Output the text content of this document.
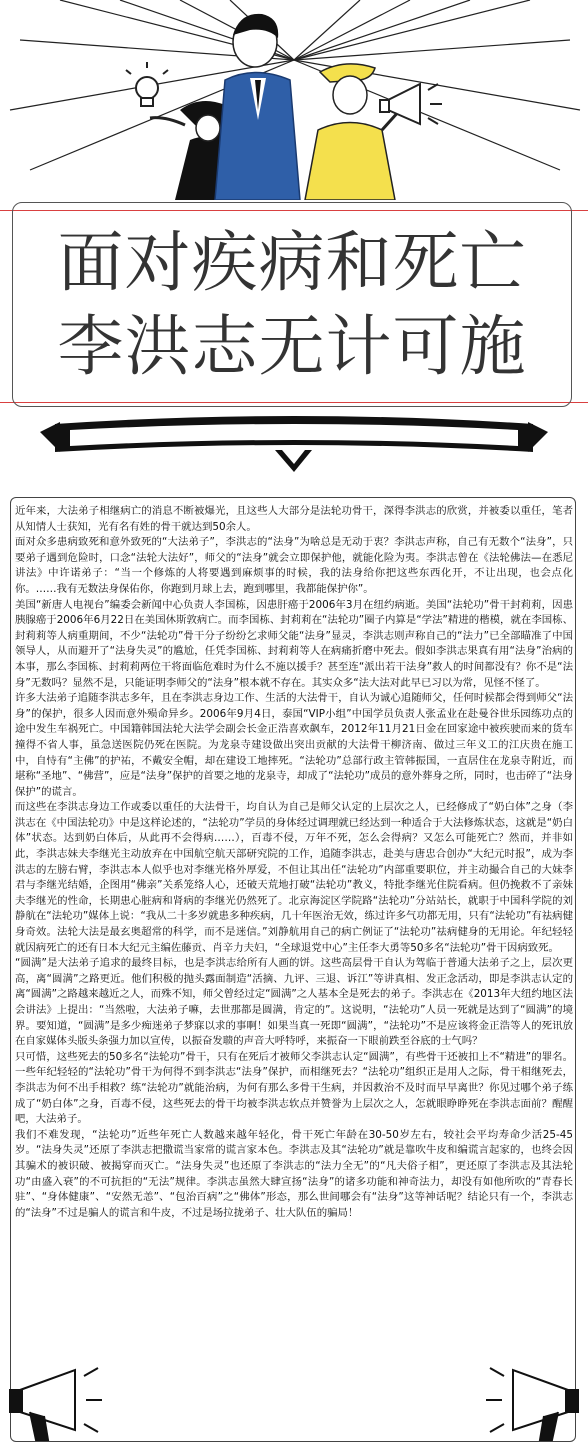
面对疾病和死亡
李洪志无计可施

近年来，大法弟子相继病亡的消息不断被爆光，且这些人大部分是法轮功骨干，深得李洪志的欣赏，并被委以重任，笔者从知情人士获知，光有名有姓的骨干就达到50余人。

面对众多患病致死和意外致死的“大法弟子”，李洪志的“法身”为啥总是无动于衷？李洪志声称，自己有无数个“法身”，只要弟子遇到危险时，口念“法轮大法好”，师父的“法身”就会立即保护他，就能化险为夷。李洪志曾在《法轮佛法—在悉尼讲法》中许诺弟子：“当一个修炼的人将要遇到麻烦事的时候，我的法身给你把这些东西化开，不让出现，也会点化你。……我有无数法身保佑你，你跑到月球上去，跑到哪里，我都能保护你”。

美国“新唐人电视台”编委会新闻中心负责人李国栋，因患肝癌于2006年3月在纽约病逝。美国“法轮功”骨干封莉莉，因患胰腺癌于2006年6月22日在美国休斯敦病亡。而李国栋、封莉莉在“法轮功”圈子内算是“学法”精进的楷模，就在李国栋、封莉莉等人病重期间，不少“法轮功”骨干分子纷纷乞求师父能“法身”显灵，李洪志则声称自己的“法力”已全部瞄准了中国领导人，从而避开了“法身失灵”的尴尬，任凭李国栋、封莉莉等人在病痛折磨中死去。假如李洪志果真有用“法身”治病的本事，那么李国栋、封莉莉两位干将面临危难时为什么不施以援手？甚至连“派出若干法身”救人的时间都没有？你不是“法身”无数吗？显然不是，只能证明李师父的“法身”根本就不存在。其实众多“法大法对此早已习以为常，见怪不怪了。

许多大法弟子追随李洪志多年，且在李洪志身边工作、生活的大法骨干，自认为诚心追随师父，任何时候都会得到师父“法身”的保护，很多人因而意外殒命异乡。2006年9月4日，泰国“VIP小组”中国学员负责人张孟业在赴曼谷世乐园练功点的途中发生车祸死亡。中国籍韩国法轮大法学会副会长金正浩喜欢飙车，2012年11月21日金在回家途中被疾驶而来的货车撞得不省人事，虽急送医院仍死在医院。为龙泉寺建设做出突出贡献的大法骨干柳济南、做过三年义工的江庆贵在施工中，自恃有“主佛”的护祐，不戴安全帽，却在建设工地摔死。“法轮功”总部行政主管韩振国，一直居住在龙泉寺附近，而堪称“圣地”、“佛营”，应是“法身”保护的首要之地的龙泉寺，却成了“法轮功”成员的意外葬身之所，同时，也击碎了“法身保护”的谎言。

而这些在李洪志身边工作或委以重任的大法骨干，均自认为自己是师父认定的上层次之人，已经修成了“奶白体”之身（李洪志在《中国法轮功》中是这样论述的，“法轮功”学员的身体经过调理就已经达到一种适合于大法修炼状态，这就是“奶白体”状态。达到奶白体后，从此再不会得病……），百毒不侵，万年不死，怎么会得病？又怎么可能死亡？然而，并非如此，李洪志妹夫李继光主动放弃在中国航空航天部研究院的工作，追随李洪志，赴美与唐忠合创办“大纪元时报”，成为李洪志的左膀右臂，李洪志本人似乎也对李继光格外厚爱，不但让其出任“法轮功”内部重要职位，并主动撮合自己的大妹李君与李继光结婚，企图用“佛亲”关系笼络人心，还破天荒地打破“法轮功”教义，特批李继光住院看病。但仍挽救不了亲妹夫李继光的性命，长期患心脏病和肾病的李继光仍然死了。北京海淀区学院路“法轮功”分站站长，就职于中国科学院的刘静航在“法轮功”媒体上说：“我从二十多岁就患多种疾病，几十年医治无效，练过许多气功都无用，只有“法轮功”有祛病健身奇效。法轮大法是最玄奥超常的科学，而不是迷信。”刘静航用自己的病亡例证了“法轮功”祛病健身的无用论。年纪轻轻就因病死亡的还有日本大纪元主编佐藤贡、肖辛力夫妇，“全球退党中心”主任李大勇等50多名“法轮功”骨干因病致死。

“圆满”是大法弟子追求的最终目标，也是李洪志给所有人画的饼。这些高层骨干自认为驾临于普通大法弟子之上，层次更高，离“圆满”之路更近。他们积极的抛头露面制造“活摘、九评、三退、诉江”等讲真相、发正念活动，即是李洪志认定的离“圆满”之路越来越近之人，而殊不知，师父曾经过定“圆满”之人基本全是死去的弟子。李洪志在《2013年大纽约地区法会讲法》上提出：“当然啦，大法弟子嘛，去世那都是圆满，肯定的”。这说明，“法轮功”人员一死就是达到了“圆满”的境界。要知道，“圆满”是多少痴迷弟子梦寐以求的事啊！如果当真一死即“圆满”，“法轮功”不是应该将金正浩等人的死讯放在自家媒体头版头条强力加以宣传，以振奋发聩的声音大呼特呼，来振奋一下眼前跌至谷底的士气吗？

只可惜，这些死去的50多名“法轮功”骨干，只有在死后才被师父李洪志认定“圆满”，有些骨干还被扣上不“精进”的罪名。一些年纪轻轻的“法轮功”骨干为何得不到李洪志“法身”保护，而相继死去？“法轮功”组织正是用人之际，骨干相继死去，李洪志为何不出手相救？练“法轮功”就能治病，为何有那么多骨干生病，并因救治不及时而早早离世？你见过哪个弟子练成了“奶白体”之身，百毒不侵，这些死去的骨干均被李洪志软点并赞誉为上层次之人，怎就眼睁睁死在李洪志面前？醒醒吧，大法弟子。

我们不难发现，“法轮功”近些年死亡人数越来越年轻化，骨干死亡年龄在30-50岁左右，较社会平均寿命少活25-45岁。“法身失灵”还原了李洪志把撒谎当家常的谎言家本色。李洪志及其“法轮功”就是靠吹牛皮和编谎言起家的，也终会因其骗术的被识破、被揭穿而灭亡。“法身失灵”也还原了李洪志的“法力全无”的“凡夫俗子相”，更还原了李洪志及其法轮功“由盛入衰”的不可抗拒的“无法”规律。李洪志虽然大肆宣扬“法身”的诸多功能和神奇法力，却没有如他所吹的“青春长驻”、“身体健康”、“安然无恙”、“包治百病”之“佛体”形态，那么世间哪会有“法身”这等神话呢？结论只有一个，李洪志的“法身”不过是骗人的谎言和牛皮，不过是场拉拢弟子、壮大队伍的骗局！
